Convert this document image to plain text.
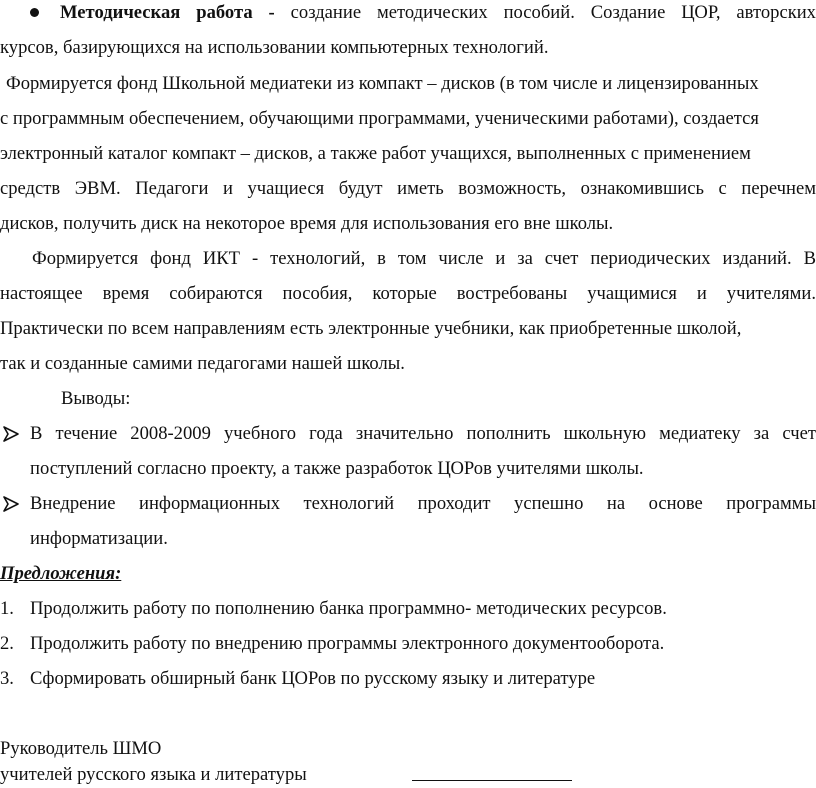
Методическая работа - создание методических пособий. Создание ЦОР, авторских
курсов, базирующихся на использовании компьютерных технологий.
Формируется фонд Школьной медиатеки из компакт – дисков (в том числе и лицензированных
с программным обеспечением, обучающими программами, ученическими работами), создается
электронный каталог компакт – дисков, а также работ учащихся, выполненных с применением
средств ЭВМ. Педагоги и учащиеся будут иметь возможность, ознакомившись с перечнем
дисков, получить диск на некоторое время для использования его вне школы.
Формируется фонд ИКТ - технологий, в том числе и за счет периодических изданий. В
настоящее время собираются пособия, которые востребованы учащимися и учителями.
Практически по всем направлениям есть электронные учебники, как приобретенные школой,
так и созданные самими педагогами нашей школы.
Выводы:
В течение 2008-2009 учебного года значительно пополнить школьную медиатеку за счет
поступлений согласно проекту, а также разработок ЦОРов учителями школы.
Внедрение информационных технологий проходит успешно на основе программы
информатизации.
Предложения:
1. Продолжить работу по пополнению банка программно- методических ресурсов.
2. Продолжить работу по внедрению программы электронного документооборота.
3. Сформировать обширный банк ЦОРов по русскому языку и литературе
Руководитель ШМО
учителей русского языка и литературы
